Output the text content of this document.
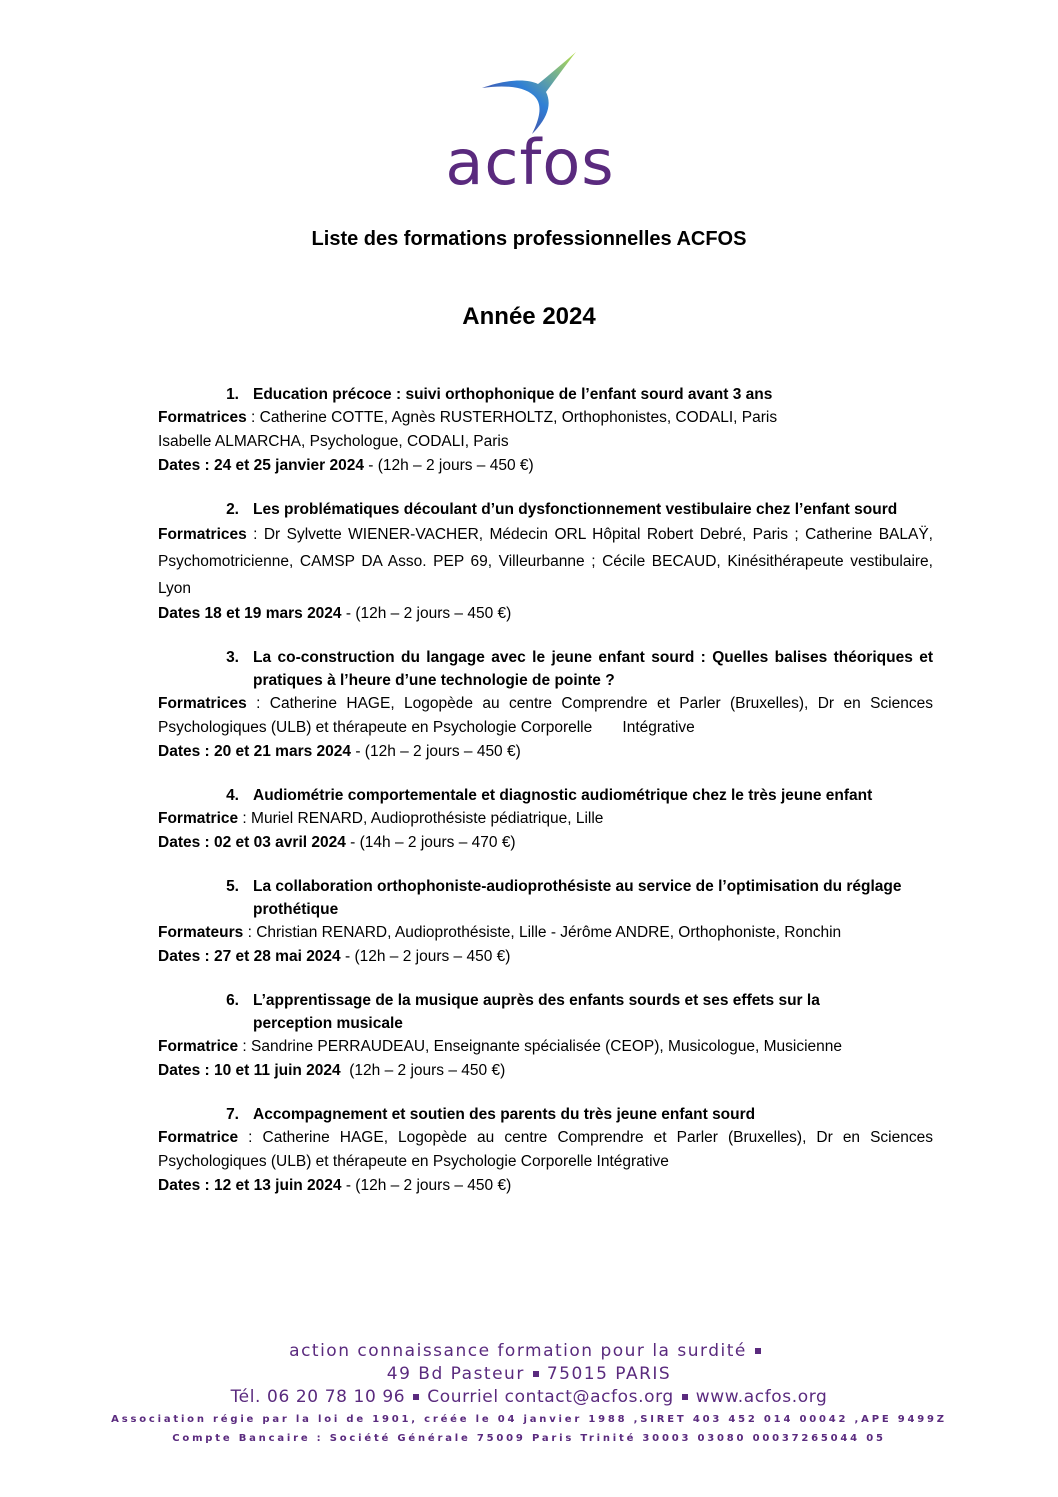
acfos
Liste des formations professionnelles ACFOS
Année 2024
1. Education précoce : suivi orthophonique de l’enfant sourd avant 3 ans
Formatrices : Catherine COTTE, Agnès RUSTERHOLTZ, Orthophonistes, CODALI, Paris
Isabelle ALMARCHA, Psychologue, CODALI, Paris
Dates : 24 et 25 janvier 2024 - (12h – 2 jours – 450 €)
2. Les problématiques découlant d’un dysfonctionnement vestibulaire chez l’enfant sourd
Formatrices : Dr Sylvette WIENER-VACHER, Médecin ORL Hôpital Robert Debré, Paris ; Catherine BALAŸ, Psychomotricienne, CAMSP DA Asso. PEP 69, Villeurbanne ; Cécile BECAUD, Kinésithérapeute vestibulaire, Lyon
Dates 18 et 19 mars 2024 - (12h – 2 jours – 450 €)
3. La co-construction du langage avec le jeune enfant sourd : Quelles balises théoriques et pratiques à l’heure d’une technologie de pointe ?
Formatrices : Catherine HAGE, Logopède au centre Comprendre et Parler (Bruxelles), Dr en Sciences Psychologiques (ULB) et thérapeute en Psychologie Corporelle       Intégrative
Dates : 20 et 21 mars 2024 - (12h – 2 jours – 450 €)
4. Audiométrie comportementale et diagnostic audiométrique chez le très jeune enfant
Formatrice : Muriel RENARD, Audioprothésiste pédiatrique, Lille
Dates : 02 et 03 avril 2024 - (14h – 2 jours – 470 €)
5. La collaboration orthophoniste-audioprothésiste au service de l’optimisation du réglage prothétique
Formateurs : Christian RENARD, Audioprothésiste, Lille - Jérôme ANDRE, Orthophoniste, Ronchin
Dates : 27 et 28 mai 2024 - (12h – 2 jours – 450 €)
6. L’apprentissage de la musique auprès des enfants sourds et ses effets sur la perception musicale
Formatrice : Sandrine PERRAUDEAU, Enseignante spécialisée (CEOP), Musicologue, Musicienne
Dates : 10 et 11 juin 2024  (12h – 2 jours – 450 €)
7. Accompagnement et soutien des parents du très jeune enfant sourd
Formatrice : Catherine HAGE, Logopède au centre Comprendre et Parler (Bruxelles), Dr en Sciences Psychologiques (ULB) et thérapeute en Psychologie Corporelle Intégrative
Dates : 12 et 13 juin 2024 - (12h – 2 jours – 450 €)
action connaissance formation pour la surdité
49 Bd Pasteur 75015 PARIS
Tél. 06 20 78 10 96 Courriel contact@acfos.org www.acfos.org
Association régie par la loi de 1901, créée le 04 janvier 1988 ,SIRET 403 452 014 00042 ,APE 9499Z
Compte Bancaire : Société Générale 75009 Paris Trinité 30003 03080 00037265044 05
